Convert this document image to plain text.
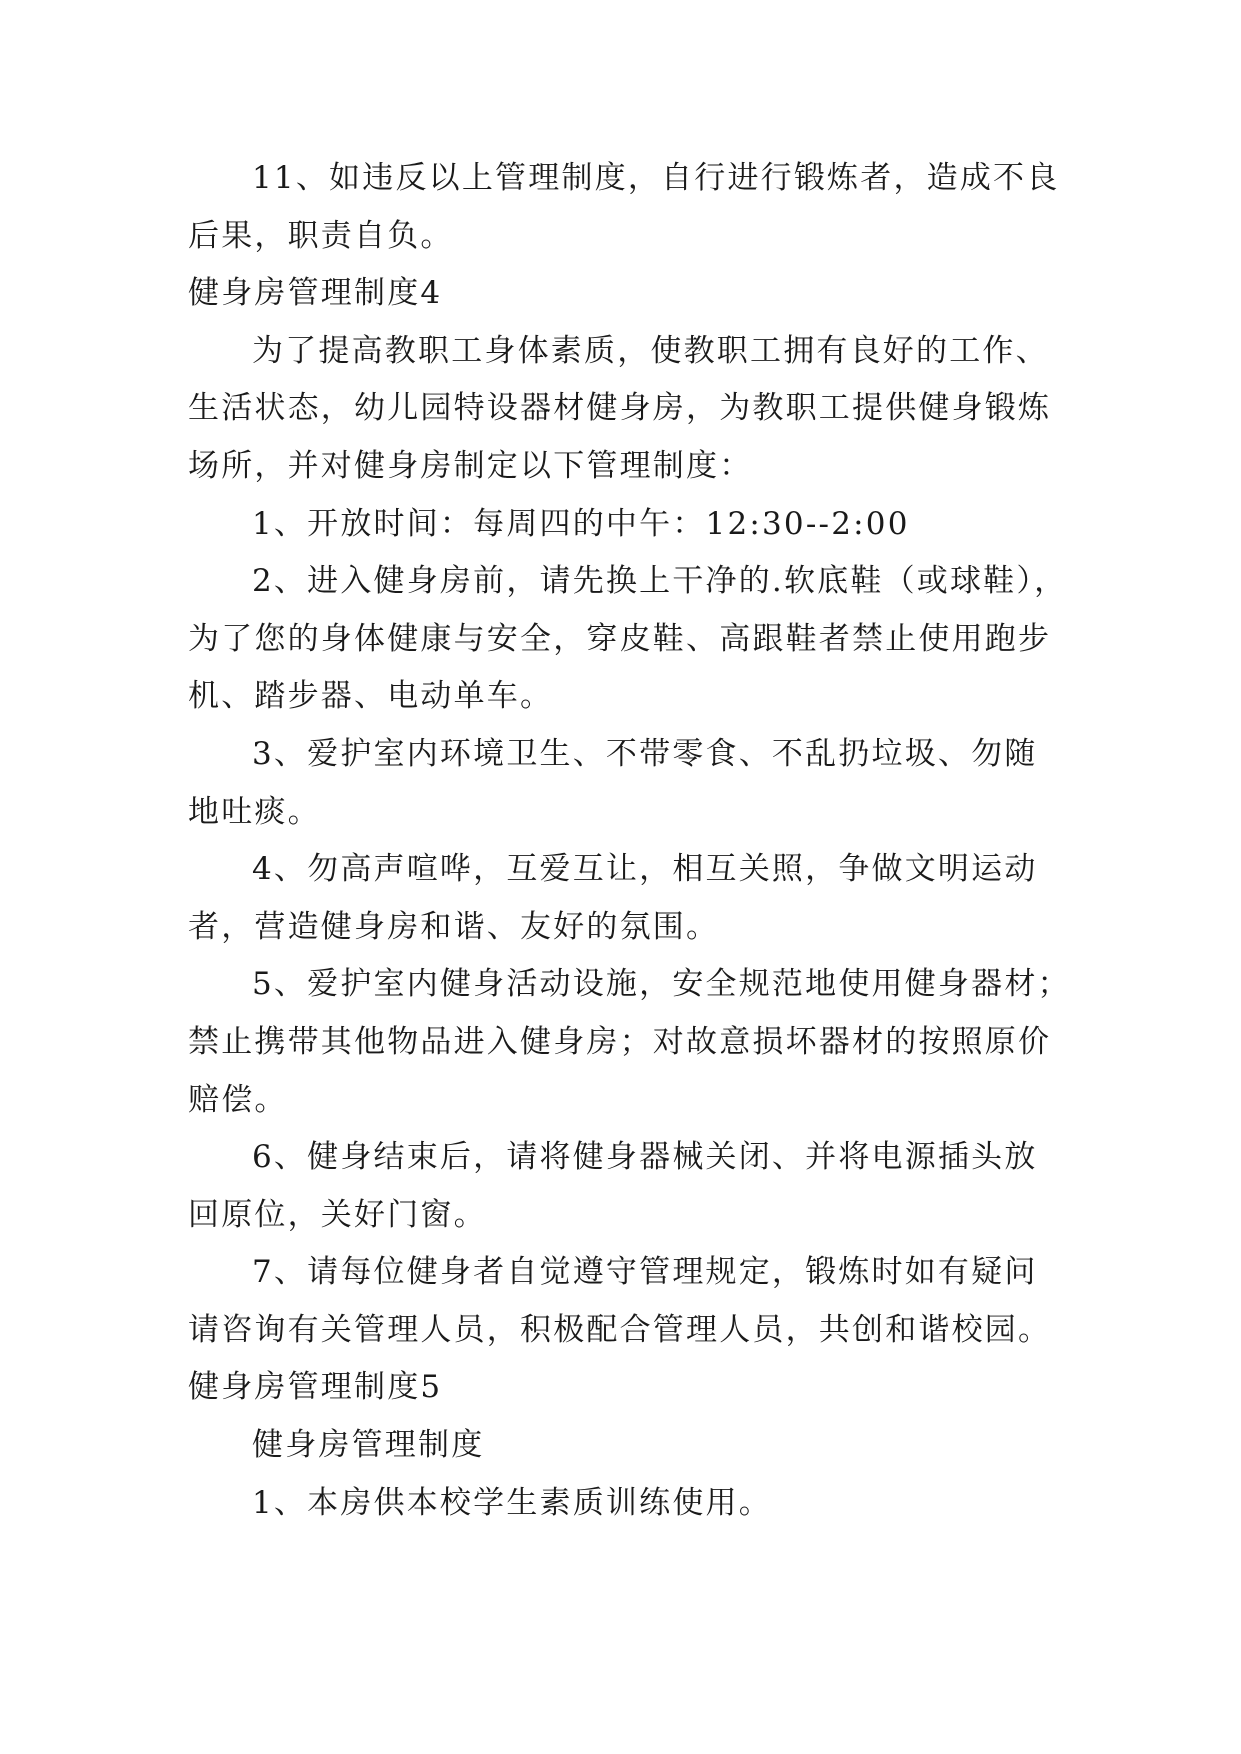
11、如违反以上管理制度，自行进行锻炼者，造成不良
后果，职责自负。
健身房管理制度4
为了提高教职工身体素质，使教职工拥有良好的工作、
生活状态，幼儿园特设器材健身房，为教职工提供健身锻炼
场所，并对健身房制定以下管理制度：
1、开放时间：每周四的中午：12:30--2:00
2、进入健身房前，请先换上干净的.软底鞋（或球鞋），
为了您的身体健康与安全，穿皮鞋、高跟鞋者禁止使用跑步
机、踏步器、电动单车。
3、爱护室内环境卫生、不带零食、不乱扔垃圾、勿随
地吐痰。
4、勿高声喧哗，互爱互让，相互关照，争做文明运动
者，营造健身房和谐、友好的氛围。
5、爱护室内健身活动设施，安全规范地使用健身器材；
禁止携带其他物品进入健身房；对故意损坏器材的按照原价
赔偿。
6、健身结束后，请将健身器械关闭、并将电源插头放
回原位，关好门窗。
7、请每位健身者自觉遵守管理规定，锻炼时如有疑问
请咨询有关管理人员，积极配合管理人员，共创和谐校园。
健身房管理制度5
健身房管理制度
1、本房供本校学生素质训练使用。
